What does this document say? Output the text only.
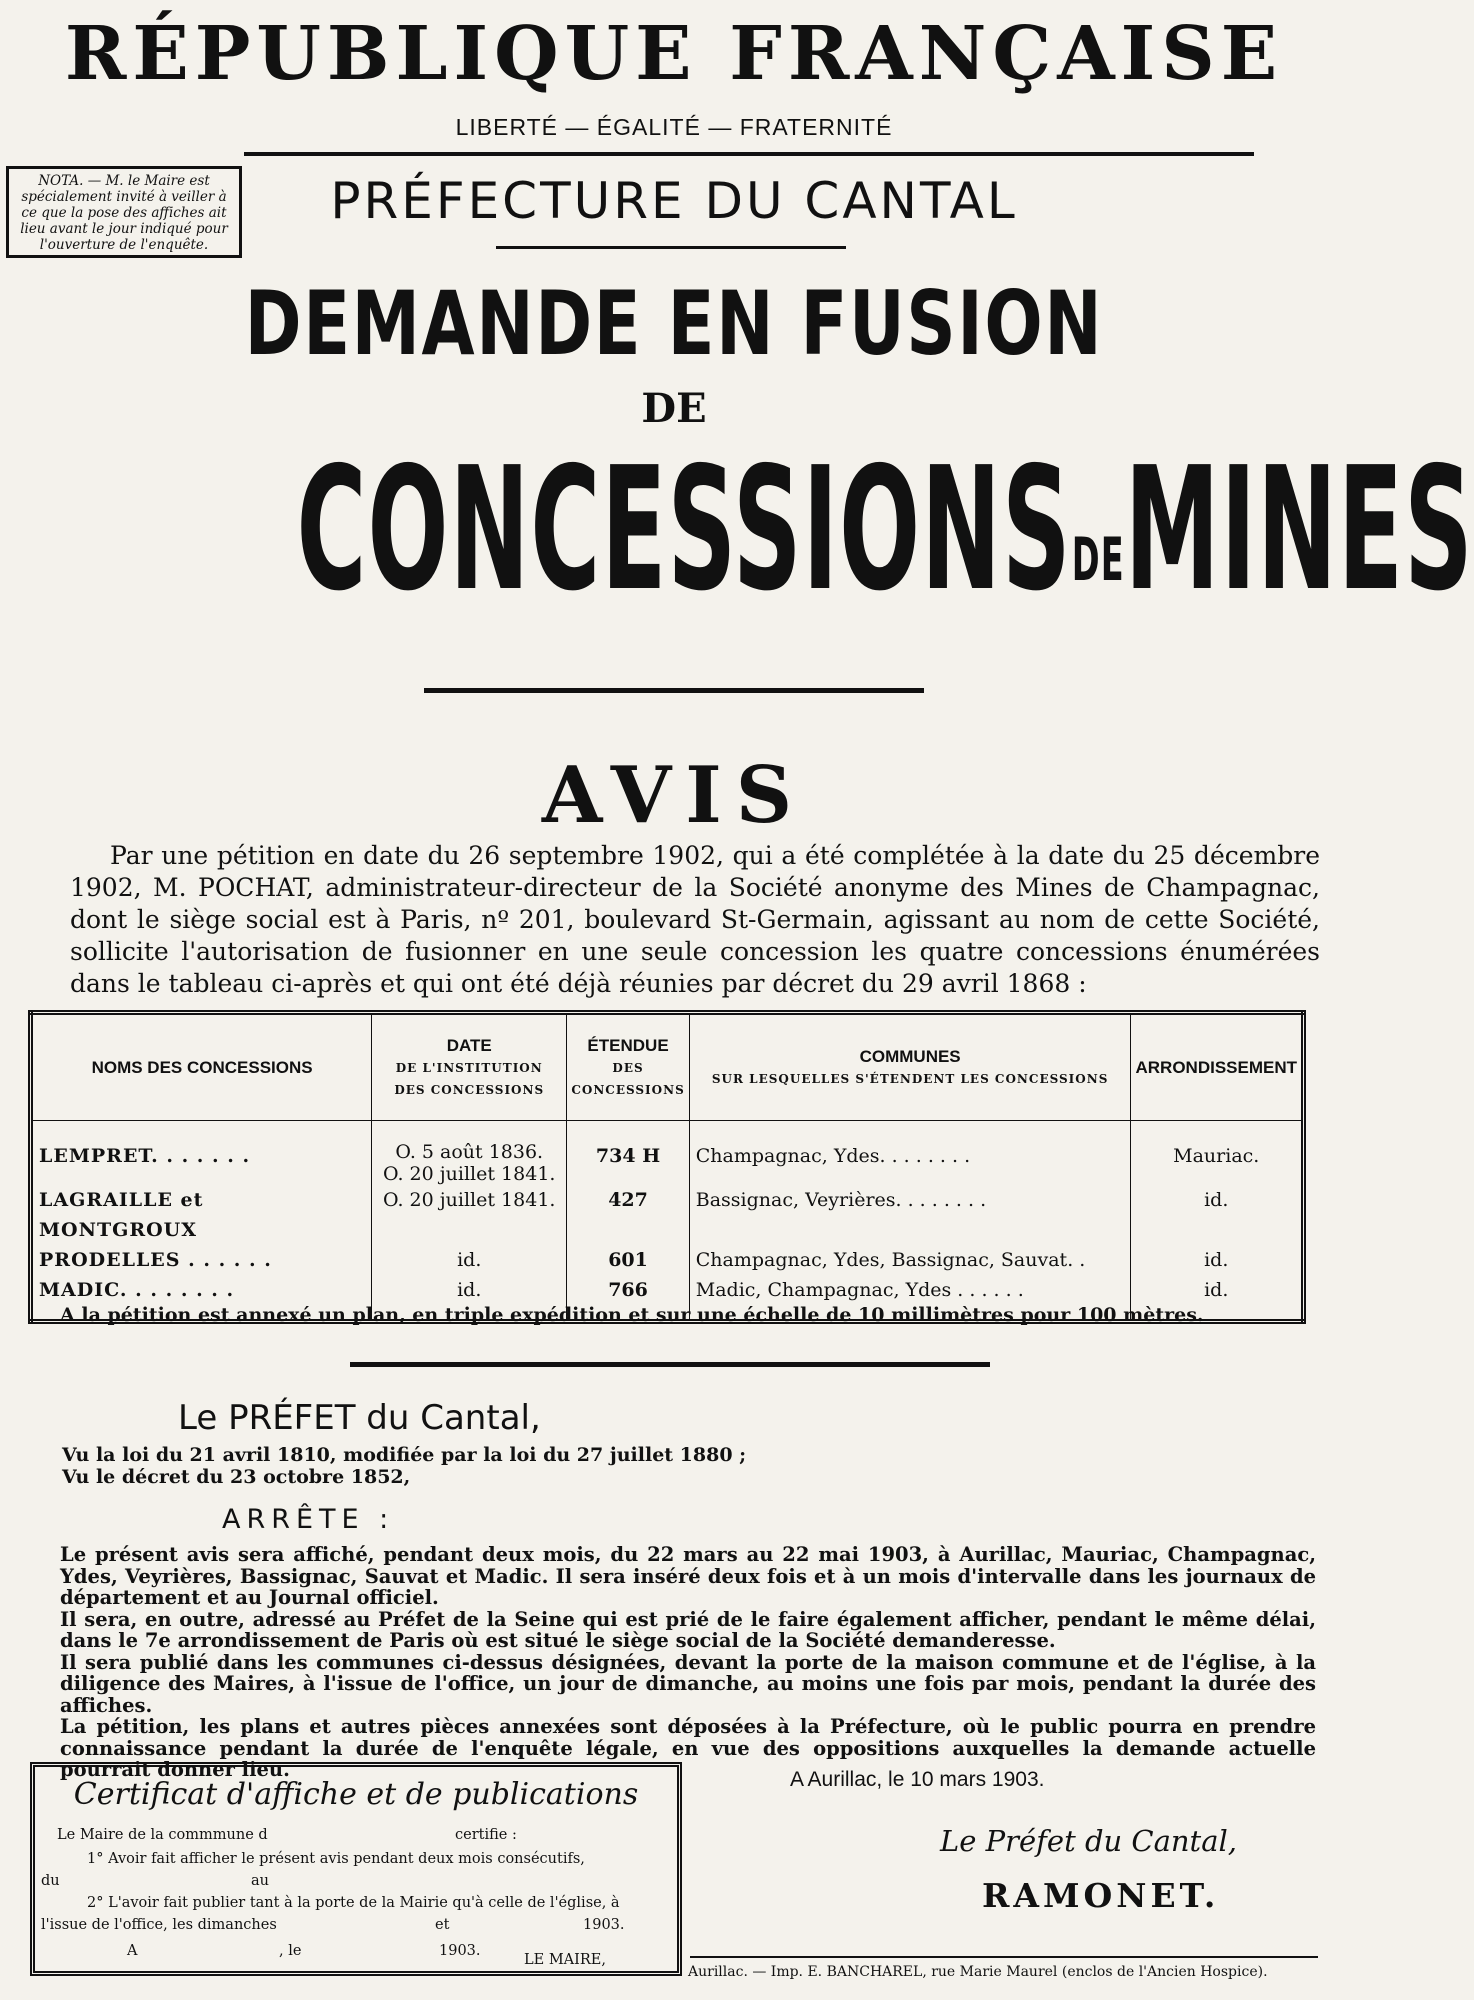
RÉPUBLIQUE FRANÇAISE
LIBERTÉ — ÉGALITÉ — FRATERNITÉ
NOTA. — M. le Maire est spécialement invité à veiller à ce que la pose des affiches ait lieu avant le jour indiqué pour l'ouverture de l'enquête.
PRÉFECTURE DU CANTAL
DEMANDE EN FUSION
DE
CONCESSIONSDEMINES
AVIS

Par une pétition en date du 26 septembre 1902, qui a été complétée à la date du 25 décembre 1902, M. POCHAT, administrateur-directeur de la Société anonyme des Mines de Champagnac, dont le siège social est à Paris, nº 201, boulevard St-Germain, agissant au nom de cette Société, sollicite l'autorisation de fusionner en une seule concession les quatre concessions énumérées dans le tableau ci-après et qui ont été déjà réunies par décret du 29 avril 1868 :

NOMS DES CONCESSIONS	DATE
DE L'INSTITUTION
DES CONCESSIONS	ÉTENDUE
DES
CONCESSIONS	COMMUNES
SUR LESQUELLES S'ÉTENDENT LES CONCESSIONS	ARRONDISSEMENT
LEMPRET. . . . . . .	O. 5 août 1836.
O. 20 juillet 1841.	734 H	Champagnac, Ydes. . . . . . . .	Mauriac.
LAGRAILLE et MONTGROUX	O. 20 juillet 1841.	427	Bassignac, Veyrières. . . . . . . .	id.
PRODELLES . . . . . .	id.	601	Champagnac, Ydes, Bassignac, Sauvat. .	id.
MADIC. . . . . . . .	id.	766	Madic, Champagnac, Ydes . . . . . .	id.
A la pétition est annexé un plan, en triple expédition et sur une échelle de 10 millimètres pour 100 mètres.
Le PRÉFET du Cantal,
Vu la loi du 21 avril 1810, modifiée par la loi du 27 juillet 1880 ;
Vu le décret du 23 octobre 1852,
ARRÊTE :

Le présent avis sera affiché, pendant deux mois, du 22 mars au 22 mai 1903, à Aurillac, Mauriac, Champagnac, Ydes, Veyrières, Bassignac, Sauvat et Madic. Il sera inséré deux fois et à un mois d'intervalle dans les journaux de département et au Journal officiel.

Il sera, en outre, adressé au Préfet de la Seine qui est prié de le faire également afficher, pendant le même délai, dans le 7e arrondissement de Paris où est situé le siège social de la Société demanderesse.

Il sera publié dans les communes ci-dessus désignées, devant la porte de la maison commune et de l'église, à la diligence des Maires, à l'issue de l'office, un jour de dimanche, au moins une fois par mois, pendant la durée des affiches.

La pétition, les plans et autres pièces annexées sont déposées à la Préfecture, où le public pourra en prendre connaissance pendant la durée de l'enquête légale, en vue des oppositions auxquelles la demande actuelle pourrait donner lieu.

Certificat d'affiche et de publications
Le Maire de la commmune d	certifie :
1° Avoir fait afficher le présent avis pendant deux mois consécutifs,
du	au
2° L'avoir fait publier tant à la porte de la Mairie qu'à celle de l'église, à
l'issue de l'office, les dimanches	et	1903.
A	, le	1903.
LE MAIRE,
A Aurillac, le 10 mars 1903.
Le Préfet du Cantal,
RAMONET.
Aurillac. — Imp. E. BANCHAREL, rue Marie Maurel (enclos de l'Ancien Hospice).
